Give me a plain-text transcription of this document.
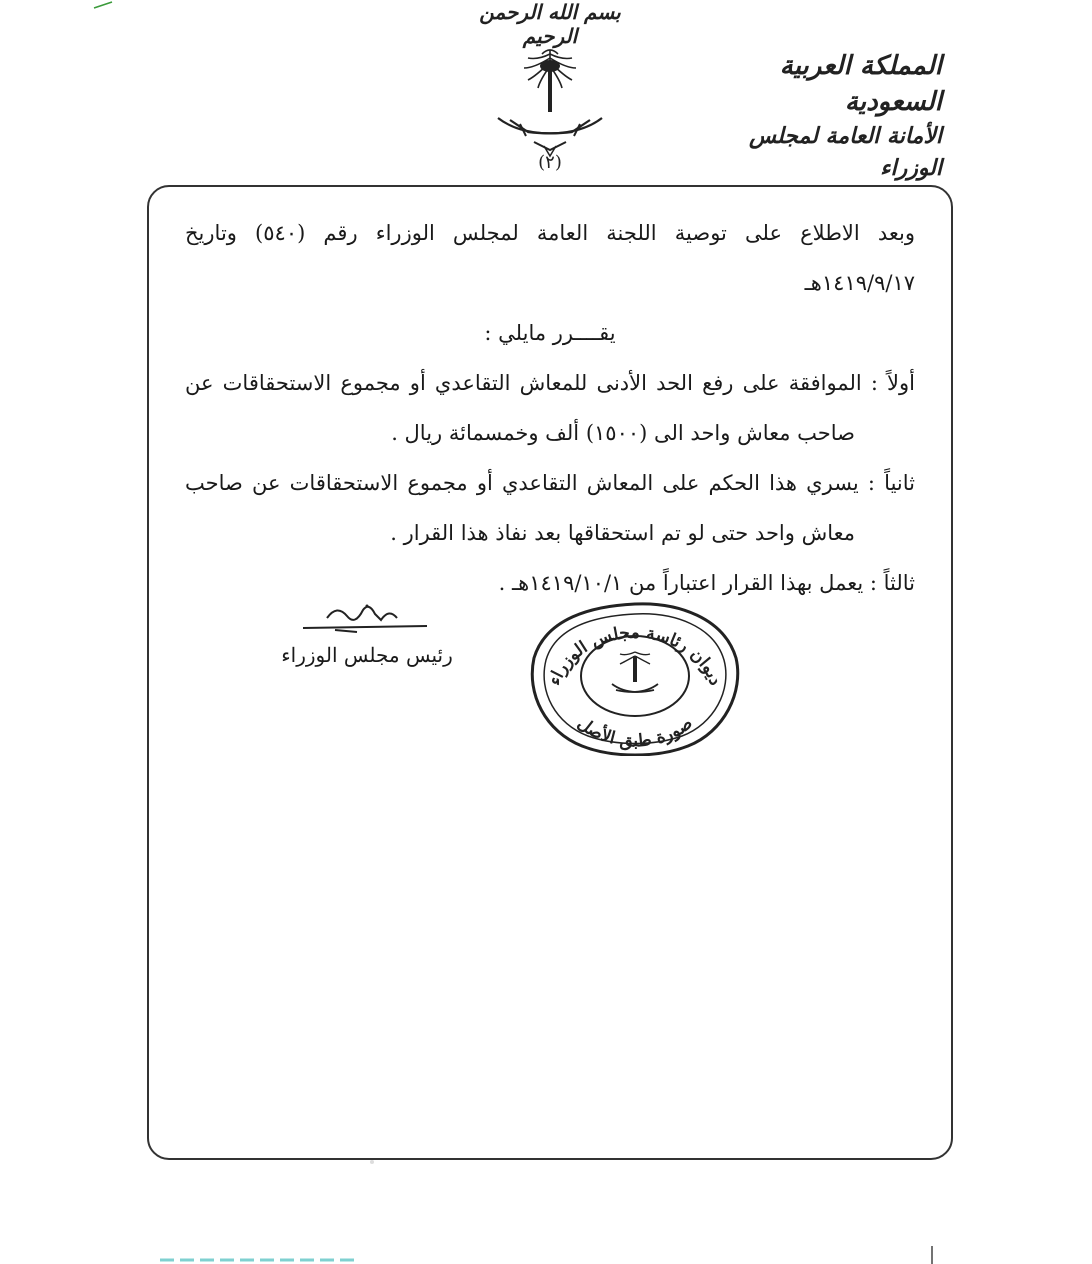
بسم الله الرحمن الرحيم
(٢)
المملكة العربية السعودية
الأمانة العامة لمجلس الوزراء

وبعد الاطلاع على توصية اللجنة العامة لمجلس الوزراء رقم (٥٤٠) وتاريخ

١٤١٩/٩/١٧هـ

يقــــرر مايلي :

أولاً : الموافقة على رفع الحد الأدنى للمعاش التقاعدي أو مجموع الاستحقاقات عن

صاحب معاش واحد الى (١٥٠٠) ألف وخمسمائة ريال .

ثانياً : يسري هذا الحكم على المعاش التقاعدي أو مجموع الاستحقاقات عن صاحب

معاش واحد حتى لو تم استحقاقها بعد نفاذ هذا القرار .

ثالثاً : يعمل بهذا القرار اعتباراً من ١٤١٩/١٠/١هـ .

رئيس مجلس الوزراء
ديوان رئاسة مجلس الوزراء
صورة طبق الأصل
